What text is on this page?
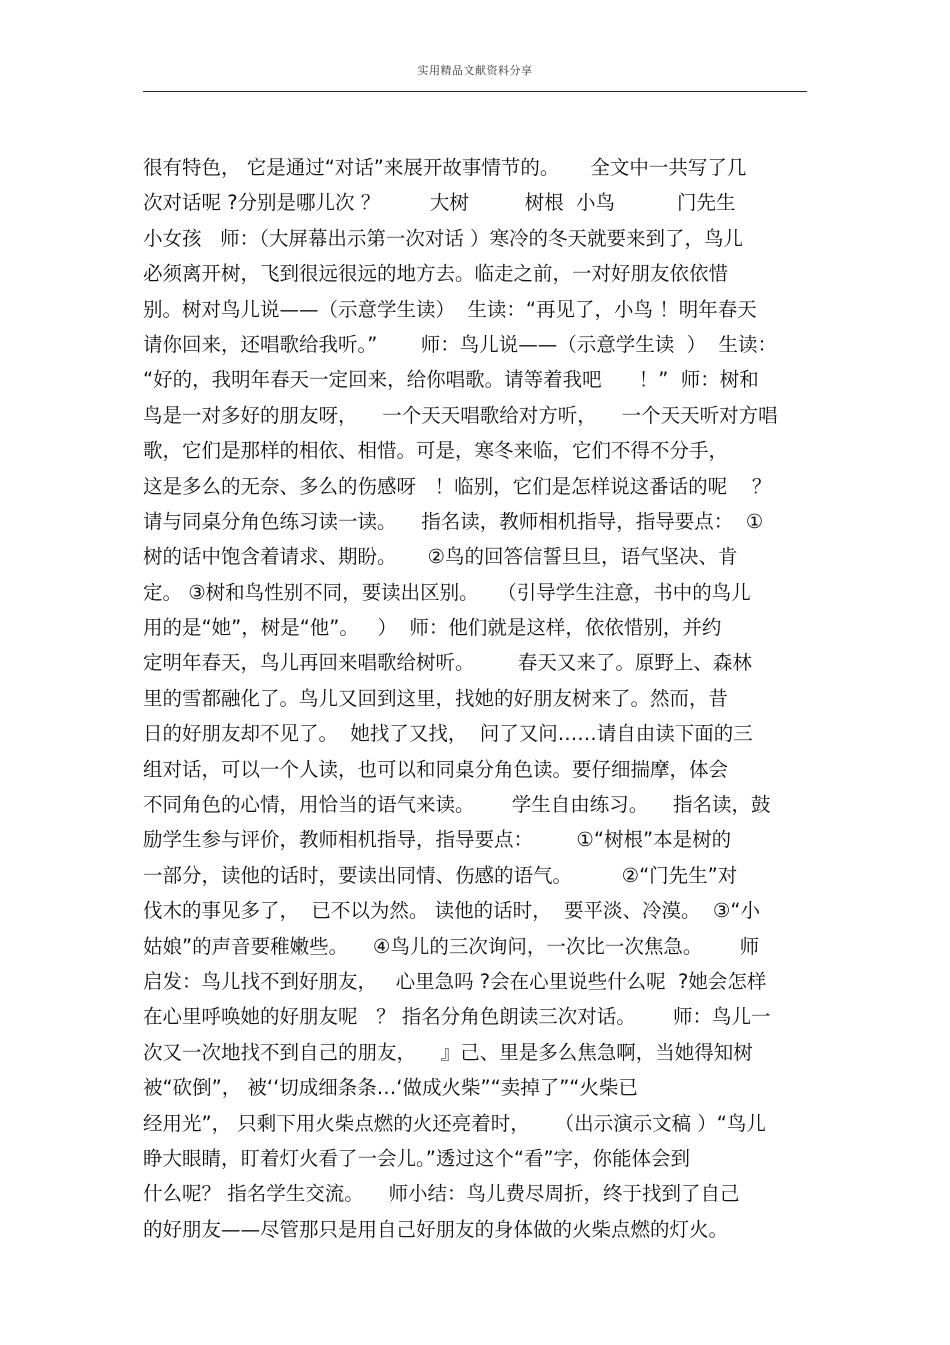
实用精品文献资料分享
很有特色， 它是通过“对话”来展开故事情节的。     全文中一共写了几
次对话呢 ?分别是哪儿次 ？        大树         树根  小鸟          门先生
小女孩   师：（大屏幕出示第一次对话 ）寒冷的冬天就要来到了，鸟儿
必须离开树，飞到很远很远的地方去。临走之前，一对好朋友依依惜
别。树对鸟儿说——（示意学生读）  生读：“再见了，小鸟 ！明年春天
请你回来，还唱歌给我听。”       师：鸟儿说——（示意学生读  ）  生读：
“好的，我明年春天一定回来，给你唱歌。请等着我吧      ！”  师：树和
鸟是一对多好的朋友呀，    一个天天唱歌给对方听，    一个天天听对方唱
歌，它们是那样的相依、相惜。可是，寒冬来临，它们不得不分手，
这是多么的无奈、多么的伤感呀   ！临别，它们是怎样说这番话的呢    ？
请与同桌分角色练习读一读。    指名读，教师相机指导，指导要点：  ①
树的话中饱含着请求、期盼。     ②鸟的回答信誓旦旦，语气坚决、肯
定。 ③树和鸟性别不同，要读出区别。   （引导学生注意，书中的鸟儿
用的是“她”，树是“他”。   ）  师：他们就是这样，依依惜别，并约
定明年春天，鸟儿再回来唱歌给树听。       春天又来了。原野上、森林
里的雪都融化了。鸟儿又回到这里，找她的好朋友树来了。然而，昔
日的好朋友却不见了。  她找了又找，  问了又问……请自由读下面的三
组对话，可以一个人读，也可以和同桌分角色读。要仔细揣摩，体会
不同角色的心情，用恰当的语气来读。      学生自由练习。    指名读，鼓
励学生参与评价，教师相机指导，指导要点：       ①“树根”本是树的
一部分，读他的话时，要读出同情、伤感的语气。        ②“门先生”对
伐木的事见多了，  已不以为然。 读他的话时，  要平淡、冷漠。  ③“小
姑娘”的声音要稚嫩些。    ④鸟儿的三次询问，一次比一次焦急。      师
启发：鸟儿找不到好朋友，   心里急吗 ?会在心里说些什么呢  ?她会怎样
在心里呼唤她的好朋友呢   ？ 指名分角色朗读三次对话。      师：鸟儿一
次又一次地找不到自己的朋友，    』己、里是多么焦急啊，当她得知树
被“砍倒”， 被‘‘切成细条条…‘做成火柴”“卖掉了”“火柴已
经用光”， 只剩下用火柴点燃的火还亮着时，    （出示演示文稿 ）“鸟儿
睁大眼睛，盯着灯火看了一会儿。”透过这个“看”字，你能体会到
什么呢？ 指名学生交流。    师小结：鸟儿费尽周折，终于找到了自己
的好朋友——尽管那只是用自己好朋友的身体做的火柴点燃的灯火。
